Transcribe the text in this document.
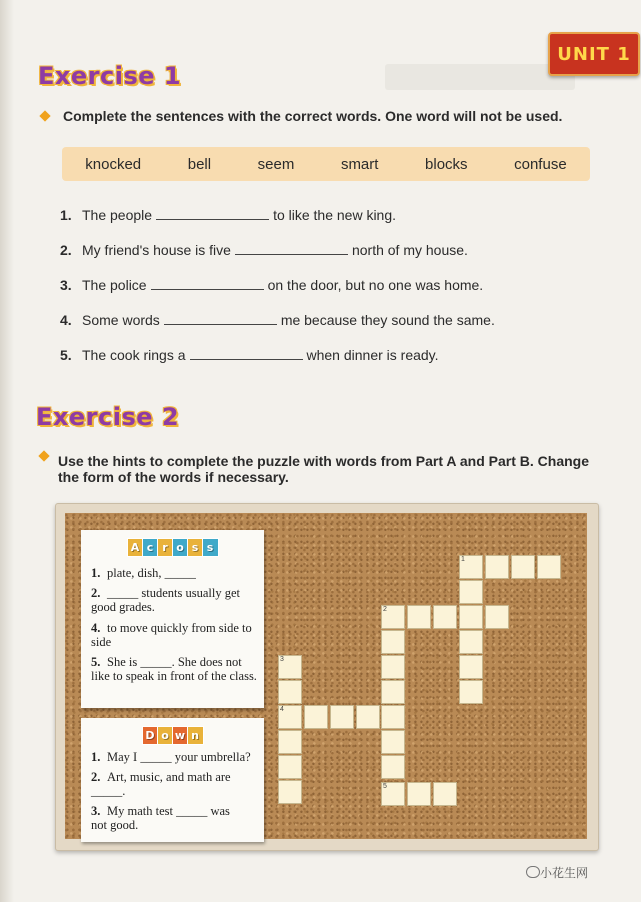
UNIT 1
Exercise 1
Complete the sentences with the correct words. One word will not be used.
knocked	bell	seem	smart	blocks	confuse
1. The people	to like the new king.
2. My friend's house is five	north of my house.
3. The police	on the door, but no one was home.
4. Some words	me because they sound the same.
5. The cook rings a	when dinner is ready.
Exercise 2
Use the hints to complete the puzzle with words from Part A and Part B. Change
the form of the words if necessary.
A c r o s s
1. plate, dish, _____
2. _____ students usually get good grades.
4. to move quickly from side to side
5. She is _____. She does not like to speak in front of the class.
D o w n
1. May I _____ your umbrella?
2. Art, music, and math are _____.
3. My math test _____ was not good.
1
2
3
4
5
小花生网
